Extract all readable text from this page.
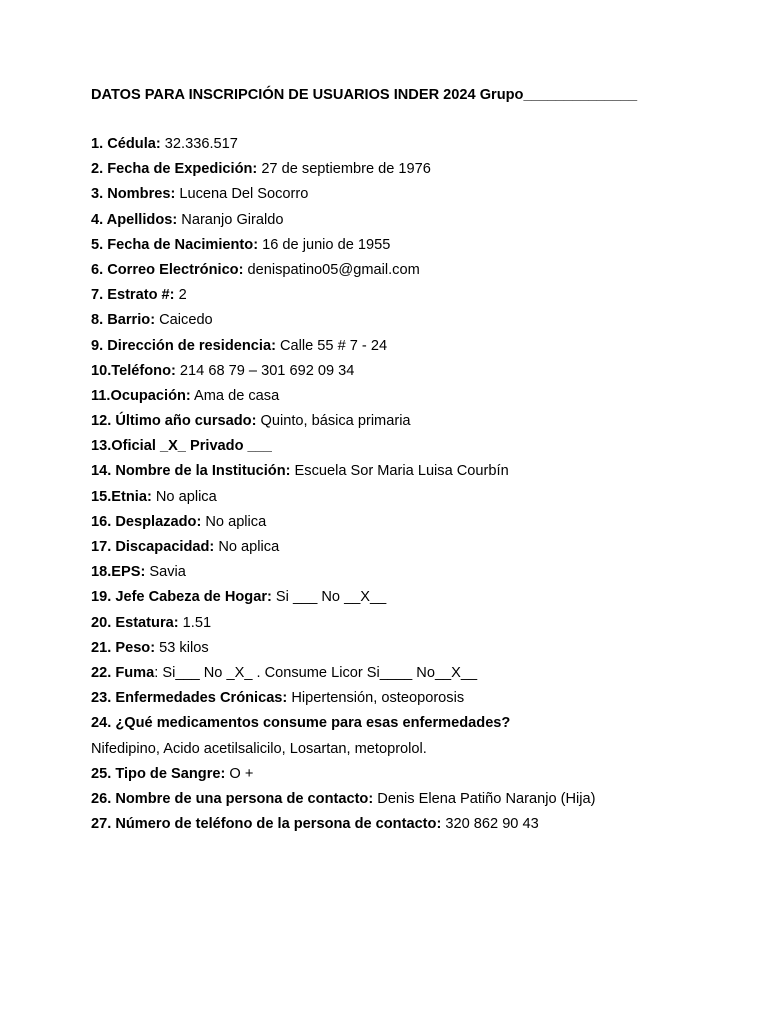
DATOS PARA INSCRIPCIÓN DE USUARIOS INDER 2024 Grupo______________
1. Cédula: 32.336.517
2. Fecha de Expedición: 27 de septiembre de 1976
3. Nombres: Lucena Del Socorro
4. Apellidos: Naranjo Giraldo
5. Fecha de Nacimiento: 16 de junio de 1955
6. Correo Electrónico: denispatino05@gmail.com
7. Estrato #: 2
8. Barrio: Caicedo
9. Dirección de residencia: Calle 55 # 7 - 24
10.Teléfono: 214 68 79 – 301 692 09 34
11.Ocupación: Ama de casa
12. Último año cursado: Quinto, básica primaria
13.Oficial _X_ Privado ___
14. Nombre de la Institución: Escuela Sor Maria Luisa Courbín
15.Etnia: No aplica
16. Desplazado: No aplica
17. Discapacidad: No aplica
18.EPS: Savia
19. Jefe Cabeza de Hogar: Si ___ No __X__
20. Estatura: 1.51
21. Peso: 53 kilos
22. Fuma: Si___ No _X_ . Consume Licor Si____ No__X__
23. Enfermedades Crónicas: Hipertensión, osteoporosis
24. ¿Qué medicamentos consume para esas enfermedades?
Nifedipino, Acido acetilsalicilo, Losartan, metoprolol.
25. Tipo de Sangre: O +
26. Nombre de una persona de contacto: Denis Elena Patiño Naranjo (Hija)
27. Número de teléfono de la persona de contacto: 320 862 90 43
